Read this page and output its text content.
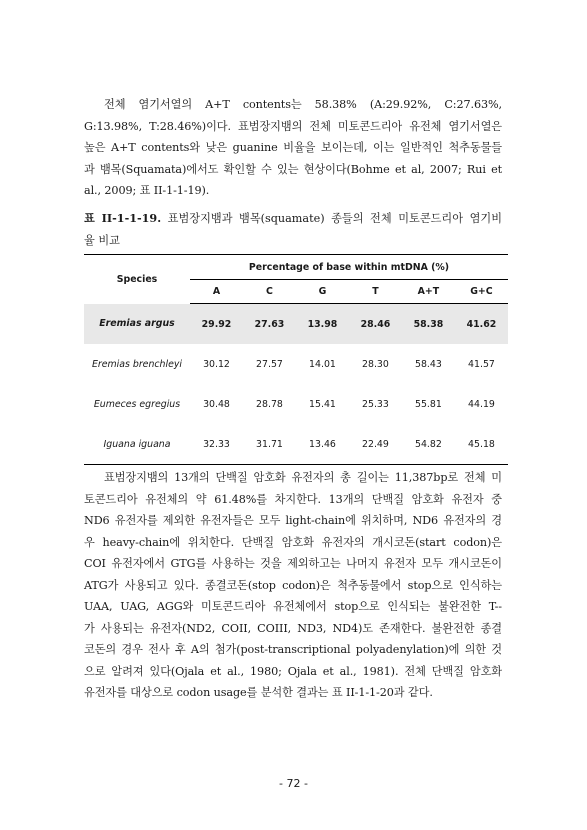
전체 염기서열의 A+T contents는 58.38% (A:29.92%, C:27.63%,
G:13.98%, T:28.46%)이다. 표범장지뱀의 전체 미토콘드리아 유전체 염기서열은
높은 A+T contents와 낮은 guanine 비율을 보이는데, 이는 일반적인 척추동물들
과 뱀목(Squamata)에서도 확인할 수 있는 현상이다(Bohme et al, 2007; Rui et
al., 2009; 표 II-1-1-19).
표 II-1-1-19. 표범장지뱀과 뱀목(squamate) 종들의 전체 미토콘드리아 염기비
율 비교
Species	Percentage of base within mtDNA (%)					
	A	C	G	T	A+T	G+C
Eremias argus	29.92	27.63	13.98	28.46	58.38	41.62
Eremias brenchleyi	30.12	27.57	14.01	28.30	58.43	41.57
Eumeces egregius	30.48	28.78	15.41	25.33	55.81	44.19
Iguana iguana	32.33	31.71	13.46	22.49	54.82	45.18
표범장지뱀의 13개의 단백질 암호화 유전자의 총 길이는 11,387bp로 전체 미
토콘드리아 유전체의 약 61.48%를 차지한다. 13개의 단백질 암호화 유전자 중
ND6 유전자를 제외한 유전자들은 모두 light-chain에 위치하며, ND6 유전자의 경
우 heavy-chain에 위치한다. 단백질 암호화 유전자의 개시코돈(start codon)은
COI 유전자에서 GTG를 사용하는 것을 제외하고는 나머지 유전자 모두 개시코돈이
ATG가 사용되고 있다. 종결코돈(stop codon)은 척추동물에서 stop으로 인식하는
UAA, UAG, AGG와 미토콘드리아 유전체에서 stop으로 인식되는 불완전한 T--
가 사용되는 유전자(ND2, COII, COIII, ND3, ND4)도 존재한다. 불완전한 종결
코돈의 경우 전사 후 A의 첨가(post-transcriptional polyadenylation)에 의한 것
으로 알려져 있다(Ojala et al., 1980; Ojala et al., 1981). 전체 단백질 암호화
유전자를 대상으로 codon usage를 분석한 결과는 표 II-1-1-20과 같다.
- 72 -
